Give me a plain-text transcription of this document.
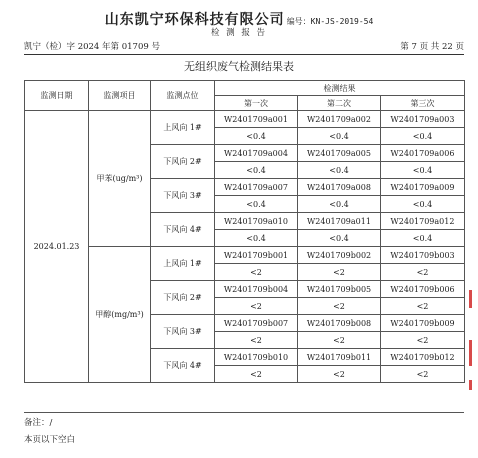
山东凯宁环保科技有限公司 编号：KN-JS-2019-54
检 测 报 告
凯宁（检）字 2024 年第 01709 号	第 7 页 共 22 页
无组织废气检测结果表
监测日期	监测项目	监测点位	检测结果		
			第一次	第二次	第三次
2024.01.23	甲苯(ug/m³)	上风向 1#	W2401709a001	W2401709a002	W2401709a003
			<0.4	<0.4	<0.4
		下风向 2#	W2401709a004	W2401709a005	W2401709a006
			<0.4	<0.4	<0.4
		下风向 3#	W2401709a007	W2401709a008	W2401709a009
			<0.4	<0.4	<0.4
		下风向 4#	W2401709a010	W2401709a011	W2401709a012
			<0.4	<0.4	<0.4
	甲醇(mg/m³)	上风向 1#	W2401709b001	W2401709b002	W2401709b003
			<2	<2	<2
		下风向 2#	W2401709b004	W2401709b005	W2401709b006
			<2	<2	<2
		下风向 3#	W2401709b007	W2401709b008	W2401709b009
			<2	<2	<2
		下风向 4#	W2401709b010	W2401709b011	W2401709b012
			<2	<2	<2
备注：/
本页以下空白
